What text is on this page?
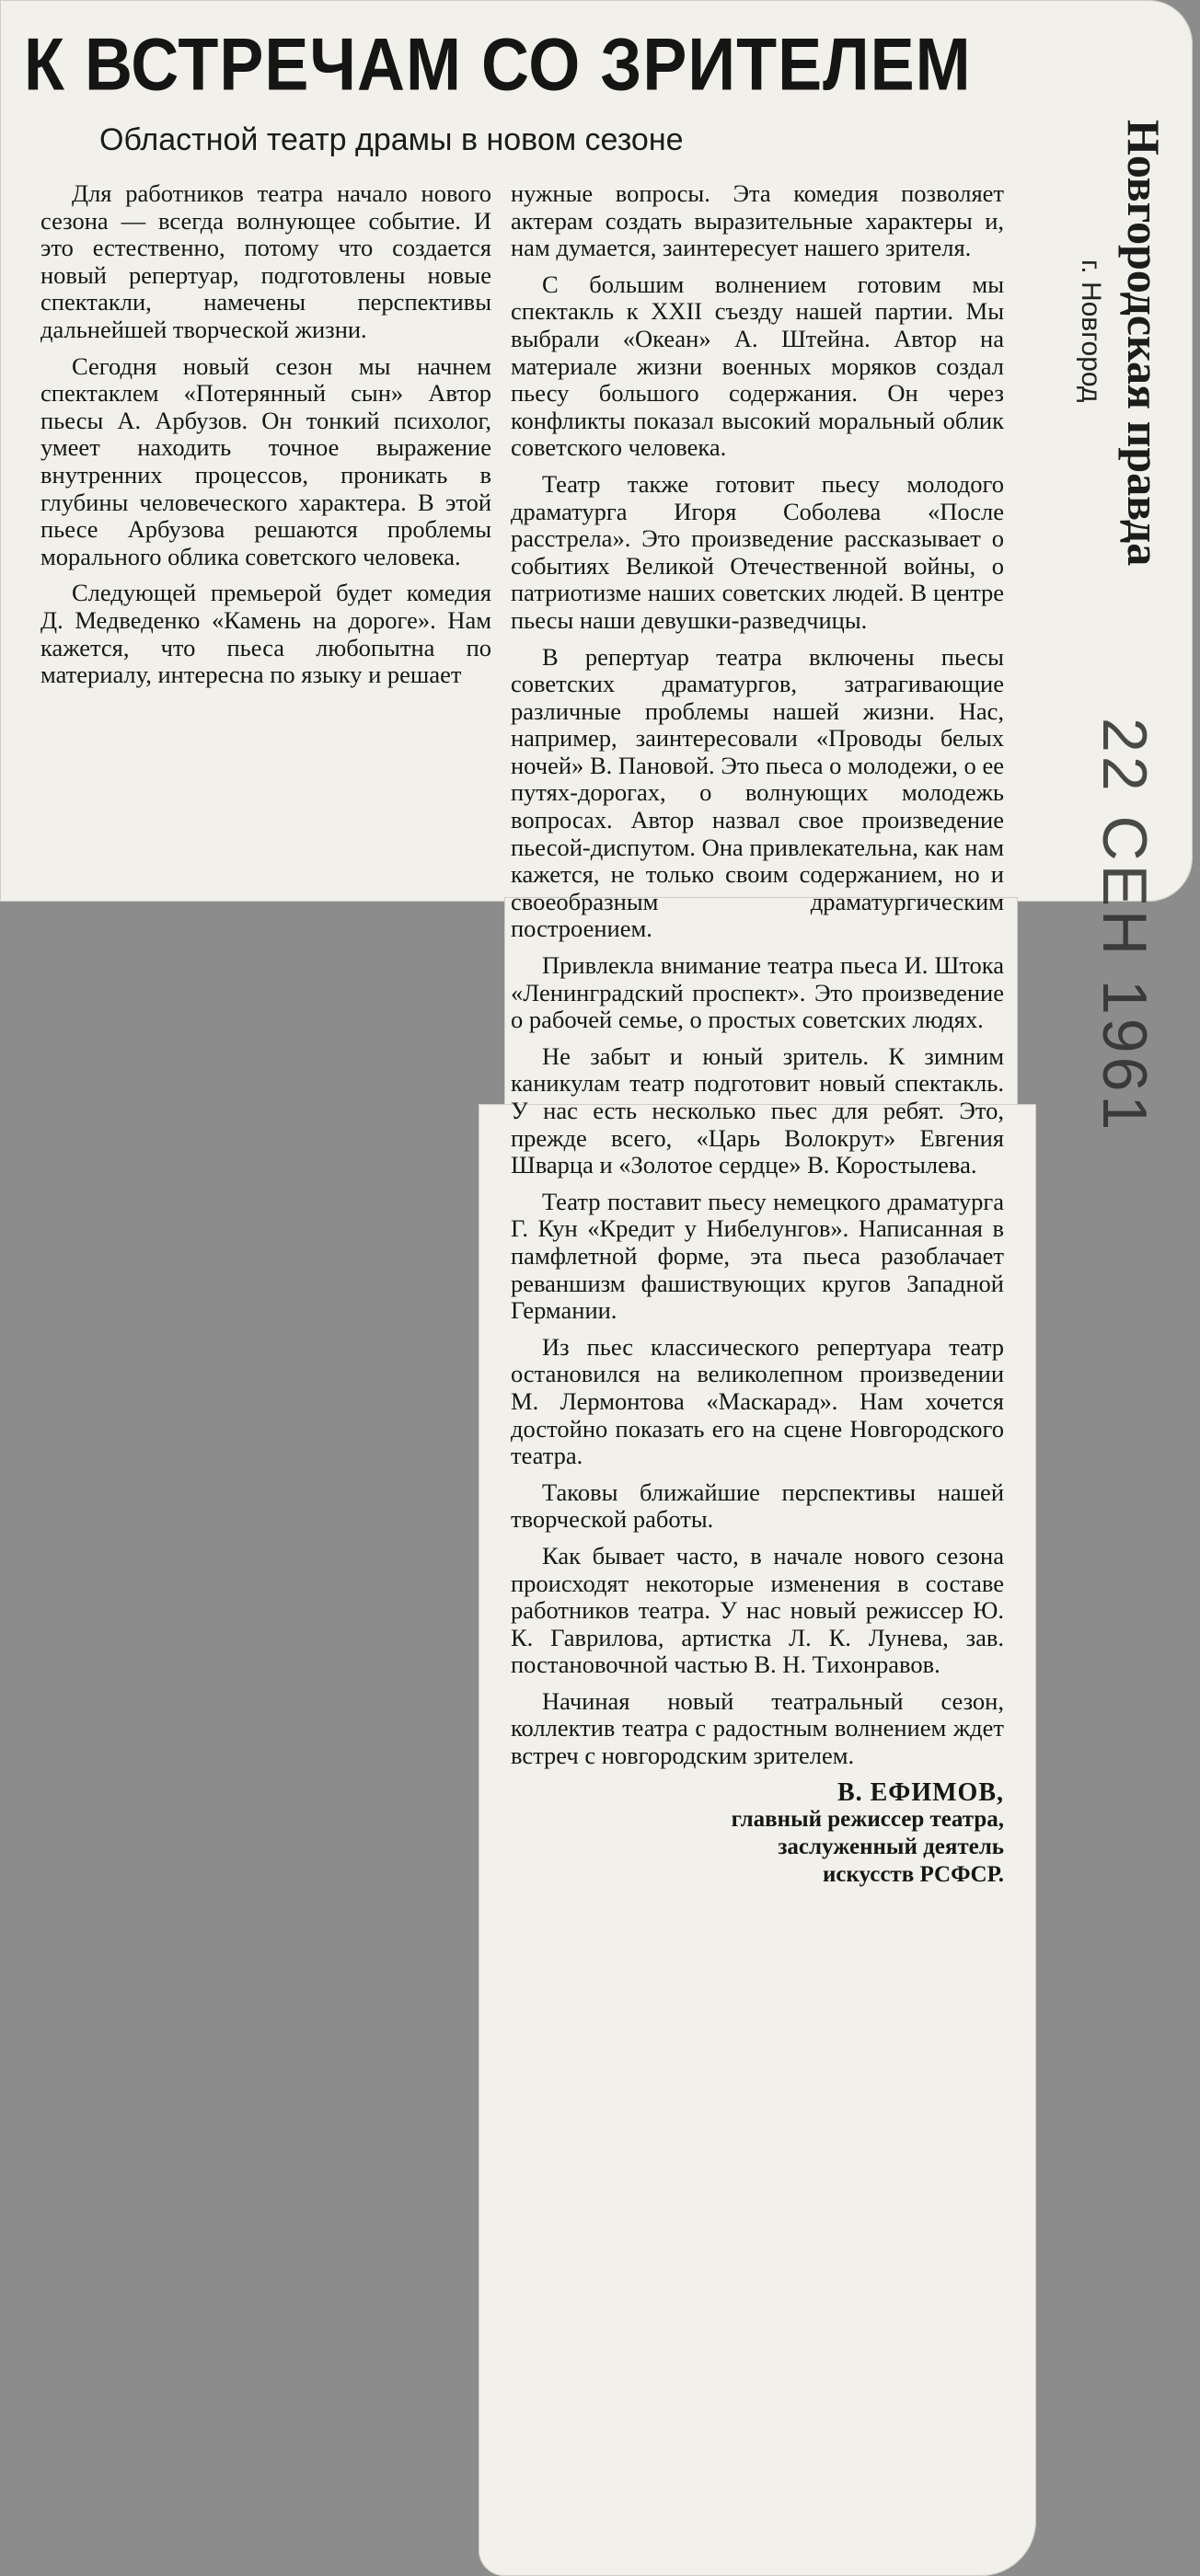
К ВСТРЕЧАМ СО ЗРИТЕЛЕМ
Областной театр драмы в новом сезоне

Для работников театра начало нового сезона — всегда волнующее событие. И это естественно, потому что создается новый репертуар, подготовлены новые спектакли, намечены перспективы дальнейшей творческой жизни.

Сегодня новый сезон мы начнем спектаклем «Потерянный сын» Автор пьесы А. Арбузов. Он тонкий психолог, умеет находить точное выражение внутренних процессов, проникать в глубины человеческого характера. В этой пьесе Арбузова решаются проблемы морального облика советского человека.

Следующей премьерой будет комедия Д. Медведенко «Камень на дороге». Нам кажется, что пьеса любопытна по материалу, интересна по языку и решает

нужные вопросы. Эта комедия позволяет актерам создать выразительные характеры и, нам думается, заинтересует нашего зрителя.

С большим волнением готовим мы спектакль к XXII съезду нашей партии. Мы выбрали «Океан» А. Штейна. Автор на материале жизни военных моряков создал пьесу большого содержания. Он через конфликты показал высокий моральный облик советского человека.

Театр также готовит пьесу молодого драматурга Игоря Соболева «После расстрела». Это произведение рассказывает о событиях Великой Отечественной войны, о патриотизме наших советских людей. В центре пьесы наши девушки-разведчицы.

В репертуар театра включены пьесы советских драматургов, затрагивающие различные проблемы нашей жизни. Нас, например, заинтересовали «Проводы белых ночей» В. Пановой. Это пьеса о молодежи, о ее путях-дорогах, о волнующих молодежь вопросах. Автор назвал свое произведение пьесой-диспутом. Она привлекательна, как нам кажется, не только своим содержанием, но и своеобразным драматургическим построением.

Привлекла внимание театра пьеса И. Штока «Ленинградский проспект». Это произведение о рабочей семье, о простых советских людях.

Не забыт и юный зритель. К зимним каникулам театр подготовит новый спектакль. У нас есть несколько пьес для ребят. Это, прежде всего, «Царь Волокрут» Евгения Шварца и «Золотое сердце» В. Коростылева.

Театр поставит пьесу немецкого драматурга Г. Кун «Кредит у Нибелунгов». Написанная в памфлетной форме, эта пьеса разоблачает реваншизм фашиствующих кругов Западной Германии.

Из пьес классического репертуара театр остановился на великолепном произведении М. Лермонтова «Маскарад». Нам хочется достойно показать его на сцене Новгородского театра.

Таковы ближайшие перспективы нашей творческой работы.

Как бывает часто, в начале нового сезона происходят некоторые изменения в составе работников театра. У нас новый режиссер Ю. К. Гаврилова, артистка Л. К. Лунева, зав. постановочной частью В. Н. Тихонравов.

Начиная новый театральный сезон, коллектив театра с радостным волнением ждет встреч с новгородским зрителем.

В. ЕФИМОВ,
главный режиссер театра,
заслуженный деятель
искусств РСФСР.
Новгородская правда
г. Новгород
22 СЕН 1961
